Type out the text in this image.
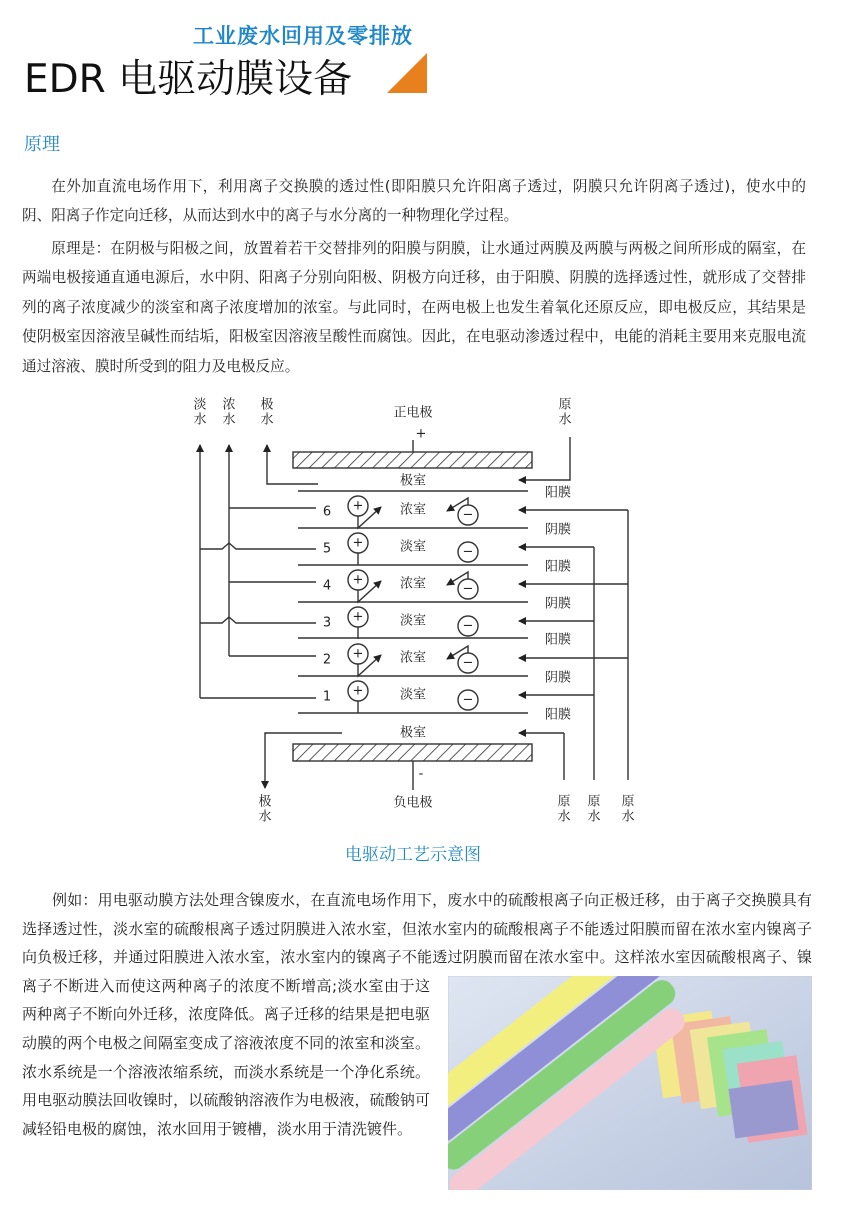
工业废水回用及零排放
EDR 电驱动膜设备
原理

在外加直流电场作用下，利用离子交换膜的透过性(即阳膜只允许阳离子透过，阴膜只允许阴离子透过)，使水中的阴、阳离子作定向迁移，从而达到水中的离子与水分离的一种物理化学过程。

原理是：在阴极与阳极之间，放置着若干交替排列的阳膜与阴膜，让水通过两膜及两膜与两极之间所形成的隔室，在两端电极接通直通电源后，水中阴、阳离子分别向阳极、阴极方向迁移，由于阳膜、阴膜的选择透过性，就形成了交替排列的离子浓度减少的淡室和离子浓度增加的浓室。与此同时，在两电极上也发生着氧化还原反应，即电极反应，其结果是使阴极室因溶液呈碱性而结垢，阳极室因溶液呈酸性而腐蚀。因此，在电驱动渗透过程中，电能的消耗主要用来克服电流通过溶液、膜时所受到的阻力及电极反应。

淡
水
浓
水
极
水	正电极
+
-
负电极
极室
极室
原
水
极
水
阳膜
阴膜
阳膜
阴膜
阳膜
阴膜
阳膜
6	浓室
+
−
5	淡室
+
−
4	浓室
+
−
3	淡室
+
−
2	浓室
+
−
1	淡室
+
−
原
水
原
水
原
水
电驱动工艺示意图
例如：用电驱动膜方法处理含镍废水，在直流电场作用下，废水中的硫酸根离子向正极迁移，由于离子交换膜具有选择透过性，淡水室的硫酸根离子透过阴膜进入浓水室，但浓水室内的硫酸根离子不能透过阳膜而留在浓水室内镍离子向负极迁移，并通过阳膜进入浓水室，浓水室内的镍离子不能透过阴膜而留在浓水室中。这样浓水室因硫酸根离子、镍离子不断进入而使这两种离子的浓度不断增高;淡水室由于这两种离子不断向外迁移，浓度降低。离子迁移的结果是把电驱动膜的两个电极之间隔室变成了溶液浓度不同的浓室和淡室。浓水系统是一个溶液浓缩系统，而淡水系统是一个净化系统。用电驱动膜法回收镍时，以硫酸钠溶液作为电极液，硫酸钠可减轻铅电极的腐蚀，浓水回用于镀槽，淡水用于清洗镀件。
